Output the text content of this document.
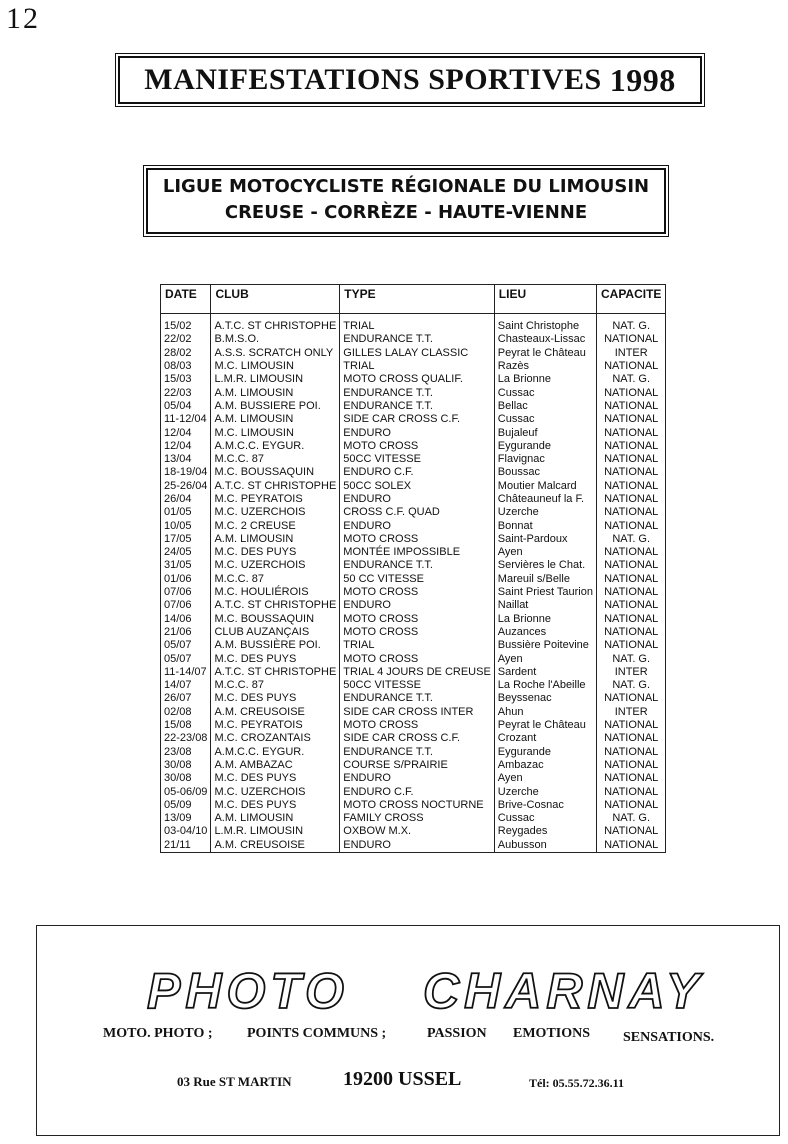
12
MANIFESTATIONS SPORTIVES 1998
LIGUE MOTOCYCLISTE RÉGIONALE DU LIMOUSIN
CREUSE - CORRÈZE - HAUTE-VIENNE
DATE	CLUB	TYPE	LIEU	CAPACITE
15/02	A.T.C. ST CHRISTOPHE	TRIAL	Saint Christophe	NAT. G.
22/02	B.M.S.O.	ENDURANCE T.T.	Chasteaux-Lissac	NATIONAL
28/02	A.S.S. SCRATCH ONLY	GILLES LALAY CLASSIC	Peyrat le Château	INTER
08/03	M.C. LIMOUSIN	TRIAL	Razès	NATIONAL
15/03	L.M.R. LIMOUSIN	MOTO CROSS QUALIF.	La Brionne	NAT. G.
22/03	A.M. LIMOUSIN	ENDURANCE T.T.	Cussac	NATIONAL
05/04	A.M. BUSSIERE POI.	ENDURANCE T.T.	Bellac	NATIONAL
11-12/04	A.M. LIMOUSIN	SIDE CAR CROSS C.F.	Cussac	NATIONAL
12/04	M.C. LIMOUSIN	ENDURO	Bujaleuf	NATIONAL
12/04	A.M.C.C. EYGUR.	MOTO CROSS	Eygurande	NATIONAL
13/04	M.C.C. 87	50CC VITESSE	Flavignac	NATIONAL
18-19/04	M.C. BOUSSAQUIN	ENDURO C.F.	Boussac	NATIONAL
25-26/04	A.T.C. ST CHRISTOPHE	50CC SOLEX	Moutier Malcard	NATIONAL
26/04	M.C. PEYRATOIS	ENDURO	Châteauneuf la F.	NATIONAL
01/05	M.C. UZERCHOIS	CROSS C.F. QUAD	Uzerche	NATIONAL
10/05	M.C. 2 CREUSE	ENDURO	Bonnat	NATIONAL
17/05	A.M. LIMOUSIN	MOTO CROSS	Saint-Pardoux	NAT. G.
24/05	M.C. DES PUYS	MONTÉE IMPOSSIBLE	Ayen	NATIONAL
31/05	M.C. UZERCHOIS	ENDURANCE T.T.	Servières le Chat.	NATIONAL
01/06	M.C.C. 87	50 CC VITESSE	Mareuil s/Belle	NATIONAL
07/06	M.C. HOULIÉROIS	MOTO CROSS	Saint Priest Taurion	NATIONAL
07/06	A.T.C. ST CHRISTOPHE	ENDURO	Naillat	NATIONAL
14/06	M.C. BOUSSAQUIN	MOTO CROSS	La Brionne	NATIONAL
21/06	CLUB AUZANÇAIS	MOTO CROSS	Auzances	NATIONAL
05/07	A.M. BUSSIÈRE POI.	TRIAL	Bussière Poitevine	NATIONAL
05/07	M.C. DES PUYS	MOTO CROSS	Ayen	NAT. G.
11-14/07	A.T.C. ST CHRISTOPHE	TRIAL 4 JOURS DE CREUSE	Sardent	INTER
14/07	M.C.C. 87	50CC VITESSE	La Roche l'Abeille	NAT. G.
26/07	M.C. DES PUYS	ENDURANCE T.T.	Beyssenac	NATIONAL
02/08	A.M. CREUSOISE	SIDE CAR CROSS INTER	Ahun	INTER
15/08	M.C. PEYRATOIS	MOTO CROSS	Peyrat le Château	NATIONAL
22-23/08	M.C. CROZANTAIS	SIDE CAR CROSS C.F.	Crozant	NATIONAL
23/08	A.M.C.C. EYGUR.	ENDURANCE T.T.	Eygurande	NATIONAL
30/08	A.M. AMBAZAC	COURSE S/PRAIRIE	Ambazac	NATIONAL
30/08	M.C. DES PUYS	ENDURO	Ayen	NATIONAL
05-06/09	M.C. UZERCHOIS	ENDURO C.F.	Uzerche	NATIONAL
05/09	M.C. DES PUYS	MOTO CROSS NOCTURNE	Brive-Cosnac	NATIONAL
13/09	A.M. LIMOUSIN	FAMILY CROSS	Cussac	NAT. G.
03-04/10	L.M.R. LIMOUSIN	OXBOW M.X.	Reygades	NATIONAL
21/11	A.M. CREUSOISE	ENDURO	Aubusson	NATIONAL
PHOTO CHARNAY
MOTO. PHOTO ; POINTS COMMUNS ;	PASSION EMOTIONS SENSATIONS.
03 Rue ST MARTIN	19200 USSEL	Tél: 05.55.72.36.11
